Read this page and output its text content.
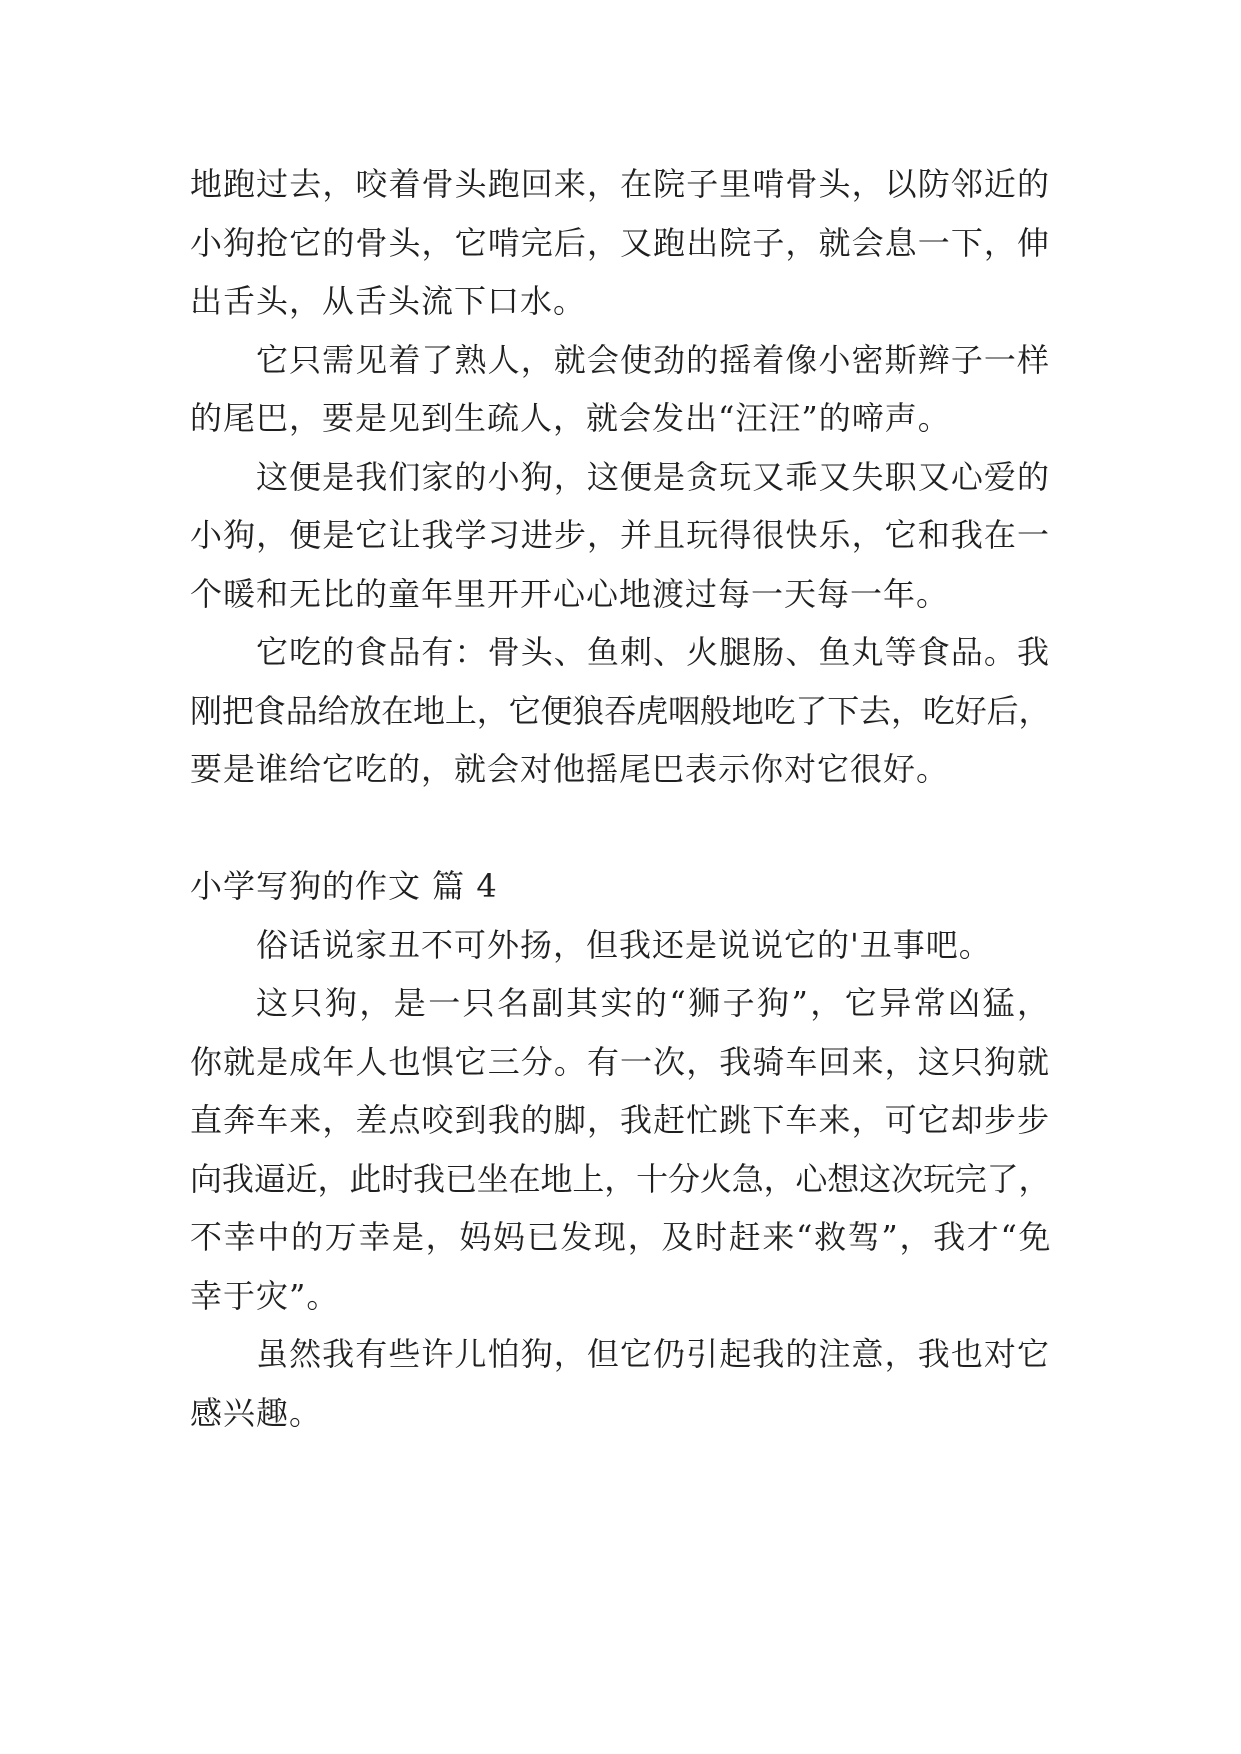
地跑过去，咬着骨头跑回来，在院子里啃骨头，以防邻近的
小狗抢它的骨头，它啃完后，又跑出院子，就会息一下，伸
出舌头，从舌头流下口水。
它只需见着了熟人，就会使劲的摇着像小密斯辫子一样
的尾巴，要是见到生疏人，就会发出“汪汪”的啼声。
这便是我们家的小狗，这便是贪玩又乖又失职又心爱的
小狗，便是它让我学习进步，并且玩得很快乐，它和我在一
个暖和无比的童年里开开心心地渡过每一天每一年。
它吃的食品有：骨头、鱼刺、火腿肠、鱼丸等食品。我
刚把食品给放在地上，它便狼吞虎咽般地吃了下去，吃好后，
要是谁给它吃的，就会对他摇尾巴表示你对它很好。
小学写狗的作文 篇 4
俗话说家丑不可外扬，但我还是说说它的'丑事吧。
这只狗，是一只名副其实的“狮子狗”，它异常凶猛，
你就是成年人也惧它三分。有一次，我骑车回来，这只狗就
直奔车来，差点咬到我的脚，我赶忙跳下车来，可它却步步
向我逼近，此时我已坐在地上，十分火急，心想这次玩完了，
不幸中的万幸是，妈妈已发现，及时赶来“救驾”，我才“免
幸于灾”。
虽然我有些许儿怕狗，但它仍引起我的注意，我也对它
感兴趣。
